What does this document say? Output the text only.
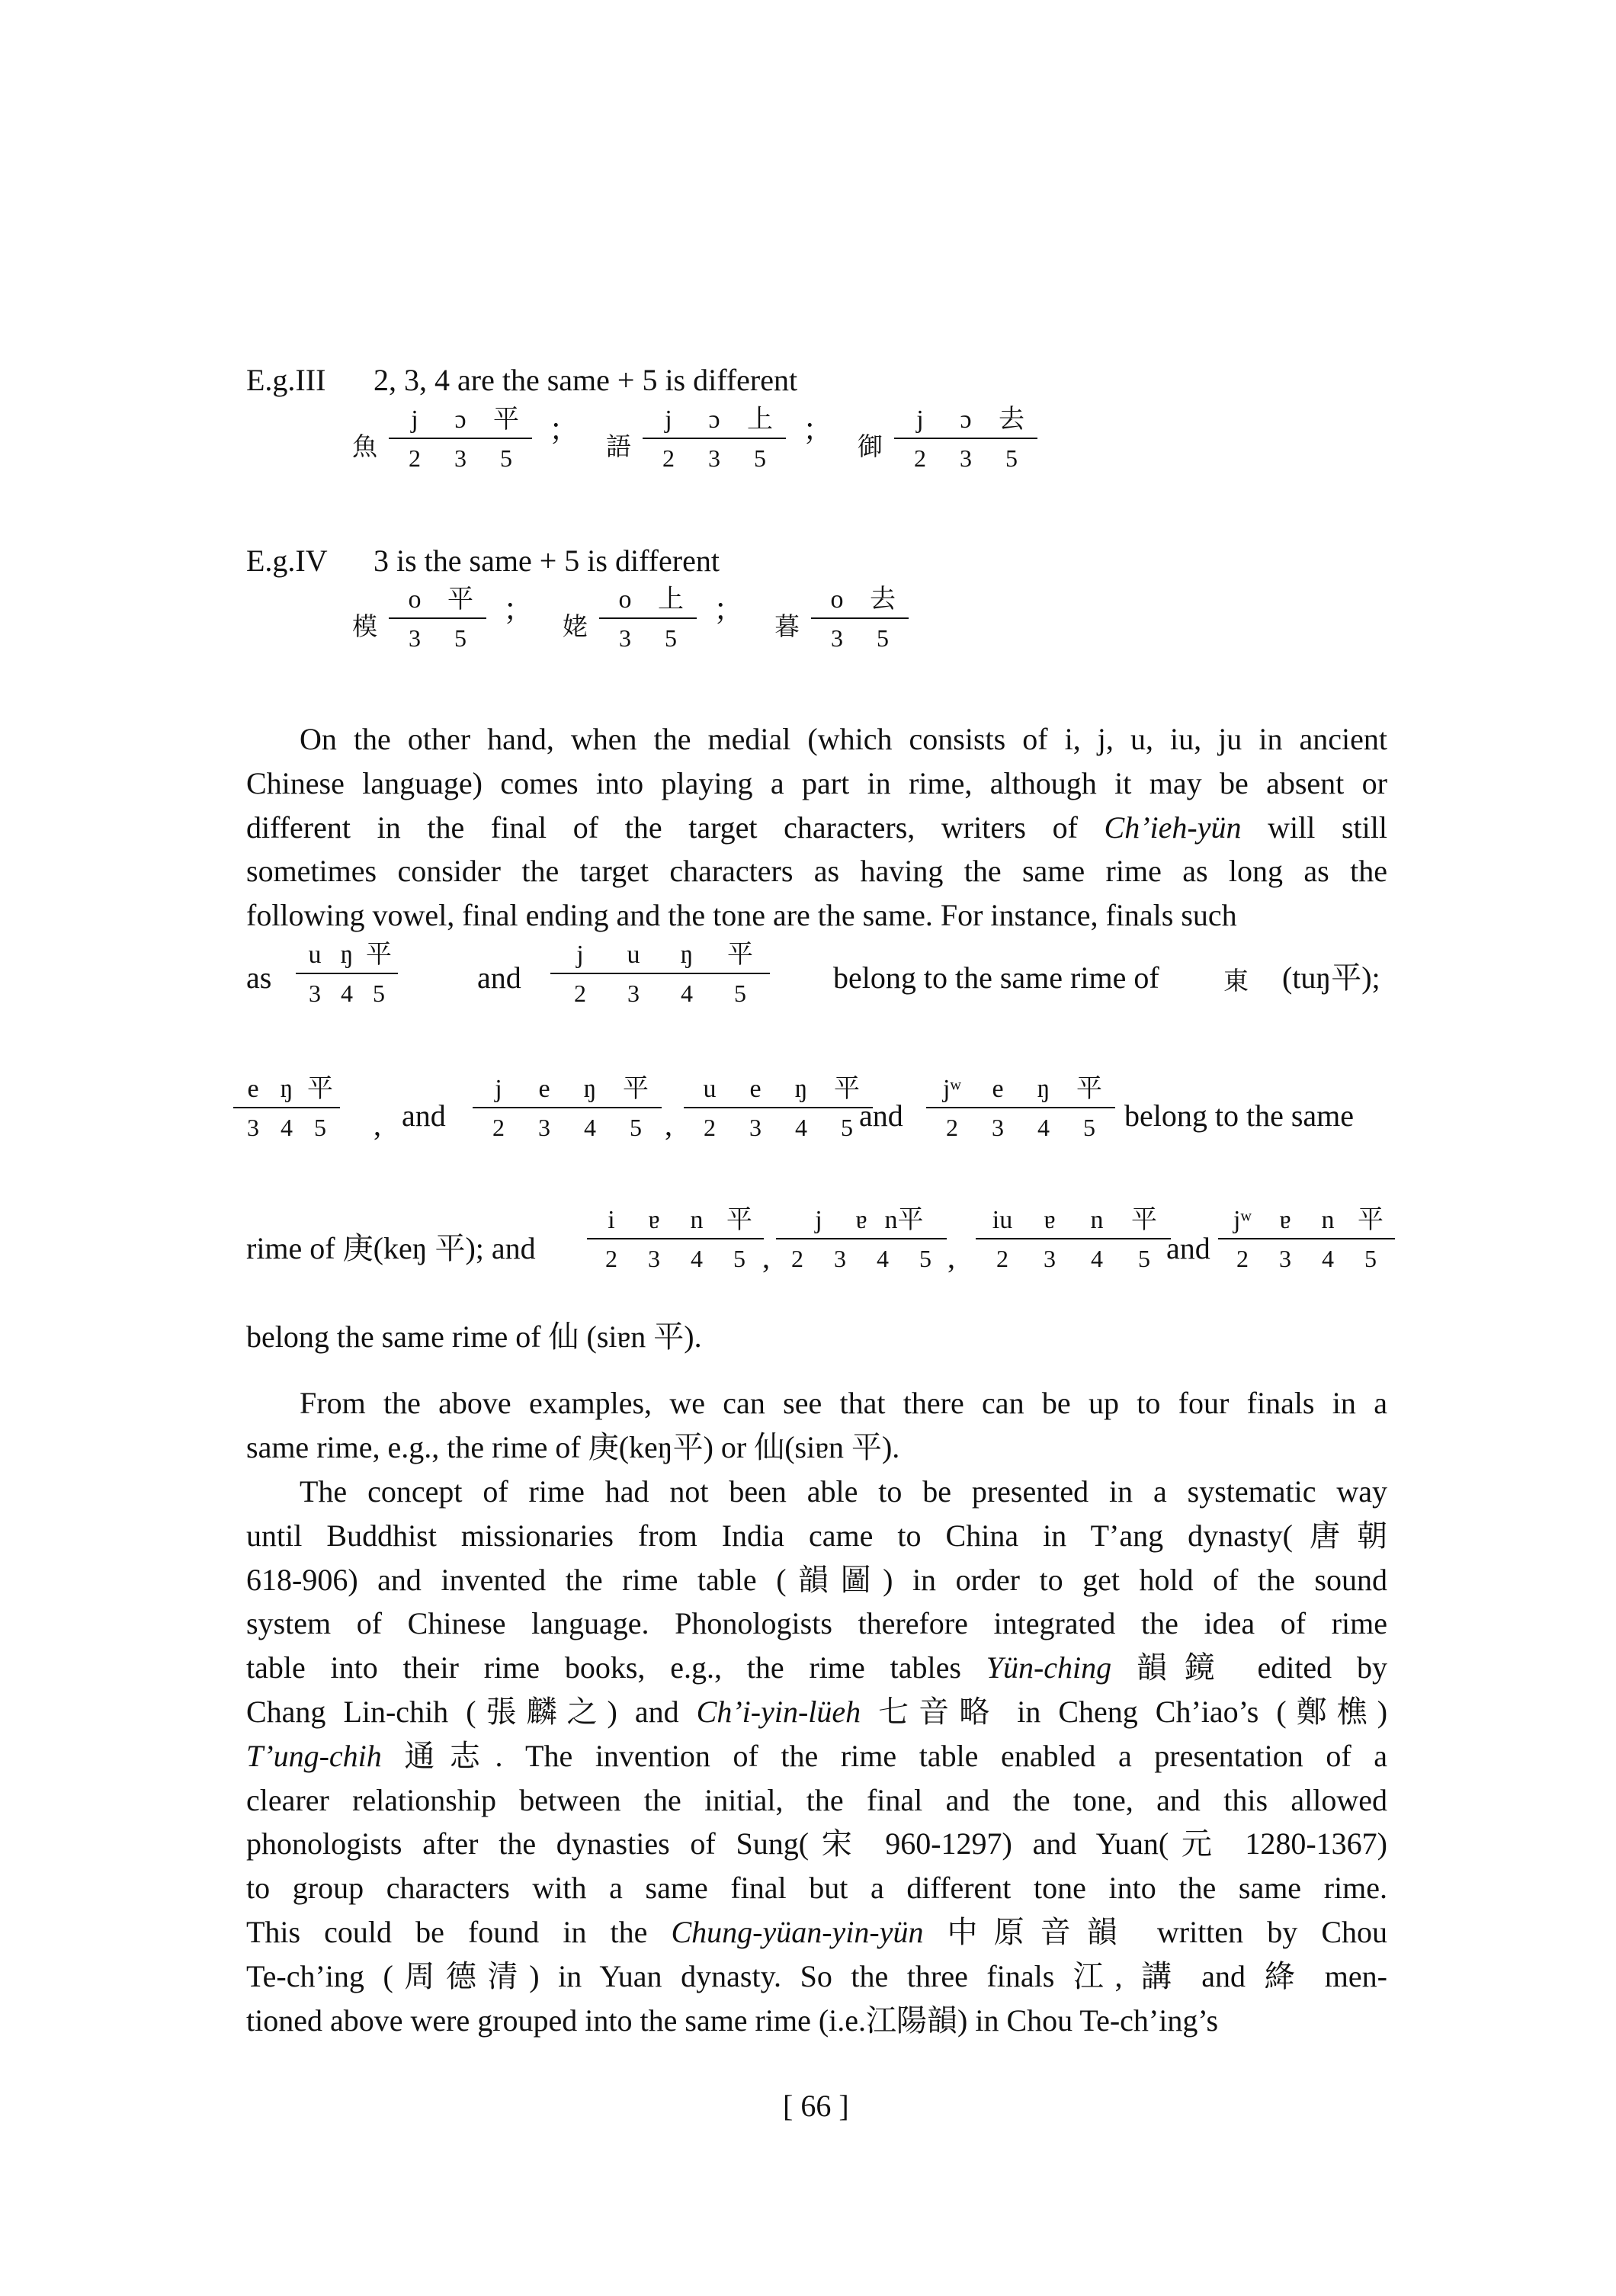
E.g.III 2, 3, 4 are the same + 5 is different
魚
j ɔ 平
2 3 5
； 語
j ɔ 上
2 3 5
； 御
j ɔ 去
2 3 5
E.g.IV 3 is the same + 5 is different
模
o 平
3 5
； 姥
o 上
3 5
； 暮
o 去
3 5
On the other hand, when the medial (which consists of i, j, u, iu, ju in ancient
Chinese language) comes into playing a part in rime, although it may be absent or
different in the final of the target characters, writers of Ch’ieh-yün will still
sometimes consider the target characters as having the same rime as long as the
following vowel, final ending and the tone are the same. For instance, finals such
as
u ŋ 平
3 4 5	and
j u ŋ 平
2 3 4 5	belong to the same rime of	東 (tuŋ平);
e ŋ 平
3 4 5	, and
j e ŋ 平
2 3 4 5 ,
u e ŋ 平
2 3 4 5 and
jʷ e ŋ 平
2 3 4 5 belong to the same
rime of 庚(keŋ 平); and
i ɐ n 平
2 3 4 5 ,
j ɐ n平
2 3 4 5 ,
iu ɐ n 平
2 3 4 5 and
jʷ ɐ n 平
2 3 4 5
belong the same rime of 仙 (siɐn 平).
From the above examples, we can see that there can be up to four finals in a
same rime, e.g., the rime of 庚(keŋ平) or 仙(siɐn 平).
The concept of rime had not been able to be presented in a systematic way
until Buddhist missionaries from India came to China in T’ang dynasty(唐朝
618-906) and invented the rime table (韻圖) in order to get hold of the sound
system of Chinese language. Phonologists therefore integrated the idea of rime
table into their rime books, e.g., the rime tables Yün-ching 韻鏡 edited by
Chang Lin-chih (張麟之) and Ch’i-yin-lüeh 七音略 in Cheng Ch’iao’s (鄭樵)
T’ung-chih 通志. The invention of the rime table enabled a presentation of a
clearer relationship between the initial, the final and the tone, and this allowed
phonologists after the dynasties of Sung(宋 960-1297) and Yuan(元 1280-1367)
to group characters with a same final but a different tone into the same rime.
This could be found in the Chung-yüan-yin-yün 中原音韻 written by Chou
Te-ch’ing (周德清) in Yuan dynasty. So the three finals 江, 講 and 絳 men-
tioned above were grouped into the same rime (i.e.江陽韻) in Chou Te-ch’ing’s
[ 66 ]
